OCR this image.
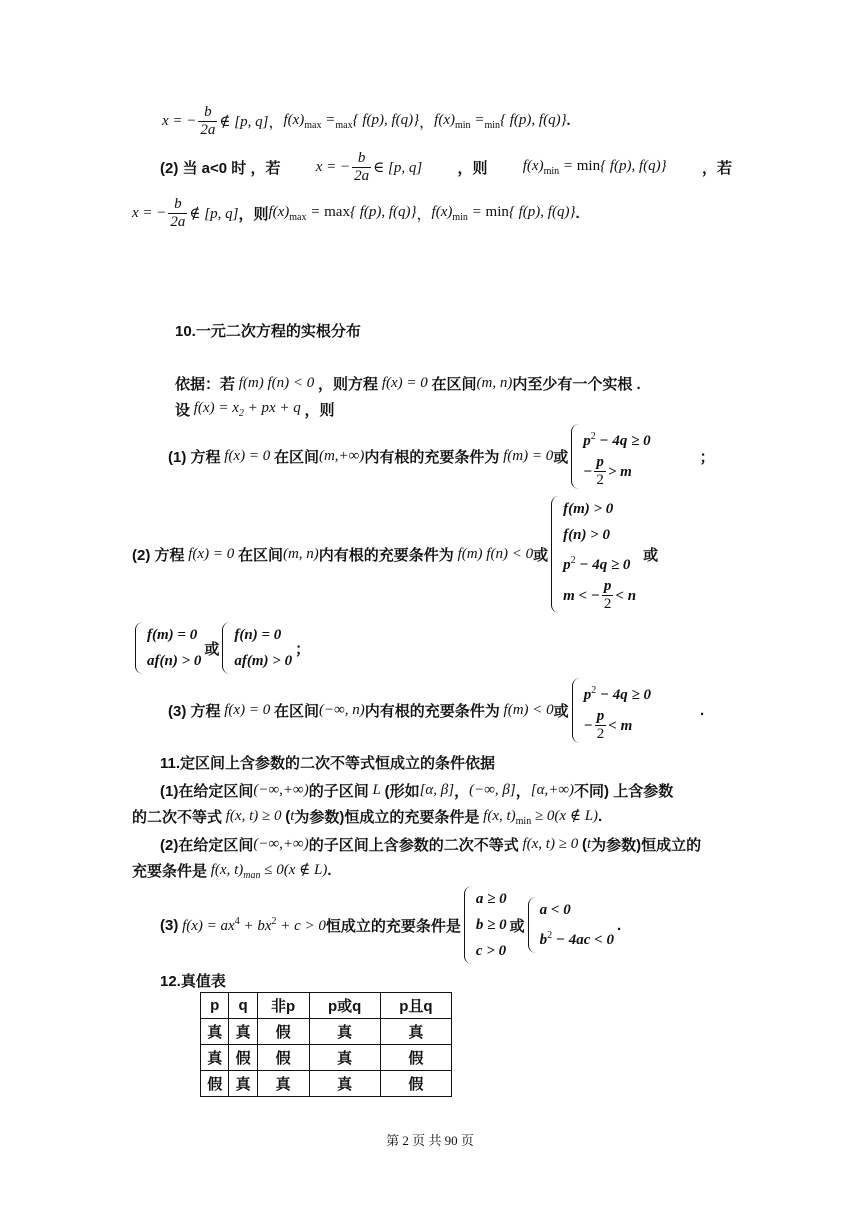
x = − $\frac{b}{2a}$ ∉ [p, q] ， $f(x)_{max} =_{max}${ f(p), f(q)} ， $f(x)_{min} =_{min}${ f(p), f(q)} .
(2) 当 a<0 时 ，若 x = − $\frac{b}{2a}$ ∈ [p, q] ，则 $f(x)_{min} = \min${ f(p), f(q)} ，若
x = − $\frac{b}{2a}$ ∉ [p, q] ，则 $f(x)_{max} = \max${ f(p), f(q)} ， $f(x)_{min} = \min${ f(p), f(q)} .
10.一元二次方程的实根分布
依据：若 f(m) f(n) < 0 ，则方程 f(x) = 0 在区间 (m, n) 内至少有一个实根 .
设 $f(x) = x_2$ + px + q ，则
(1) 方程 f(x) = 0 在区间 (m,+∞) 内有根的充要条件为 f(m) = 0 或
$p^2 - 4q \ge 0$
− $\frac{p}{2} > m$
；
(2) 方程 f(x) = 0 在区间 (m, n) 内有根的充要条件为 f(m) f(n) < 0 或
f(m) > 0
f(n) > 0
$p^2 - 4q \ge 0$
m < − $\frac{p}{2} < n$
或
f(m) = 0
af(n) > 0
或
f(n) = 0
af(m) > 0
；
(3) 方程 f(x) = 0 在区间 (−∞, n) 内有根的充要条件为 f(m) < 0 或
$p^2 - 4q \ge 0$
− $\frac{p}{2} < m$
.
11.定区间上含参数的二次不等式恒成立的条件依据
(1)在给定区间 (−∞,+∞) 的子区间 L (形如 [α, β] ， (−∞, β] ， [α,+∞) 不同) 上含参数
的二次不等式 f(x, t) ≥ 0 ( t 为参数)恒成立的充要条件是 f(x, $t)_{min} \ge 0(x$ ∉ L) .
(2)在给定区间 (−∞,+∞) 的子区间上含参数的二次不等式 f(x, t) ≥ 0 ( t 为参数)恒成立的
充要条件是 f(x, $t)_{man} \le 0(x$ ∉ L) .
(3) $f(x) = ax^4 + bx^2 + c > 0$ 恒成立的充要条件是
a ≥ 0
b ≥ 0
c > 0
或
a < 0
$b^2 - 4ac < 0$
.
12.真值表
p	q	非p	p或q	p且q
真	真	假	真	真
真	假	假	真	假
假	真	真	真	假
第 2 页 共 90 页
